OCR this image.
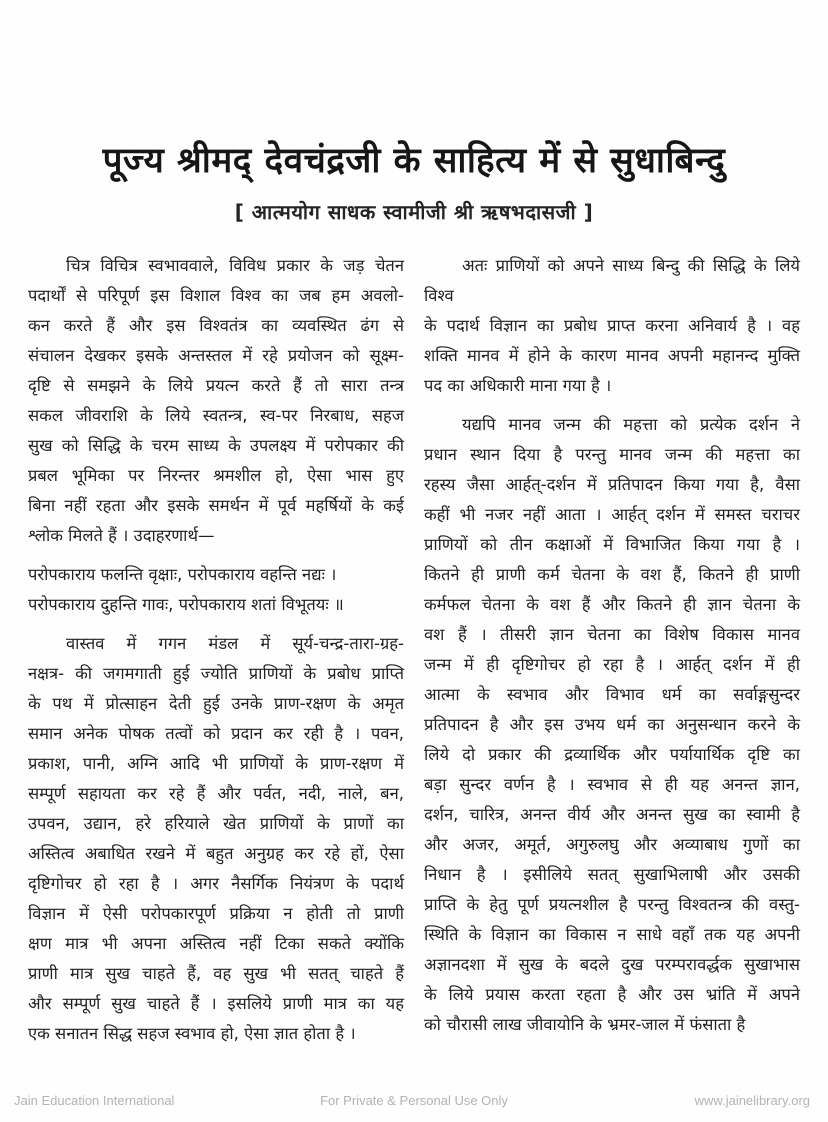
पूज्य श्रीमद् देवचंद्रजी के साहित्य में से सुधाबिन्दु
[ आत्मयोग साधक स्वामीजी श्री ऋषभदासजी ]
चित्र विचित्र स्वभाववाले, विविध प्रकार के जड़ चेतन
पदार्थों से परिपूर्ण इस विशाल विश्व का जब हम अवलो-
कन करते हैं और इस विश्वतंत्र का व्यवस्थित ढंग से
संचालन देखकर इसके अन्तस्तल में रहे प्रयोजन को सूक्ष्म-
दृष्टि से समझने के लिये प्रयत्न करते हैं तो सारा तन्त्र
सकल जीवराशि के लिये स्वतन्त्र, स्व-पर निरबाध, सहज
सुख को सिद्धि के चरम साध्य के उपलक्ष्य में परोपकार की
प्रबल भूमिका पर निरन्तर श्रमशील हो, ऐसा भास हुए
बिना नहीं रहता और इसके समर्थन में पूर्व महर्षियों के कई
श्लोक मिलते हैं । उदाहरणार्थ—
परोपकाराय फलन्ति वृक्षाः, परोपकाराय वहन्ति नद्यः ।
परोपकाराय दुहन्ति गावः, परोपकाराय शतां विभूतयः ॥
वास्तव में गगन मंडल में सूर्य-चन्द्र-तारा-ग्रह-
नक्षत्र- की जगमगाती हुई ज्योति प्राणियों के प्रबोध प्राप्ति
के पथ में प्रोत्साहन देती हुई उनके प्राण-रक्षण के अमृत
समान अनेक पोषक तत्वों को प्रदान कर रही है । पवन,
प्रकाश, पानी, अग्नि आदि भी प्राणियों के प्राण-रक्षण में
सम्पूर्ण सहायता कर रहे हैं और पर्वत, नदी, नाले, बन,
उपवन, उद्यान, हरे हरियाले खेत प्राणियों के प्राणों का
अस्तित्व अबाधित रखने में बहुत अनुग्रह कर रहे हों, ऐसा
दृष्टिगोचर हो रहा है । अगर नैसर्गिक नियंत्रण के पदार्थ
विज्ञान में ऐसी परोपकारपूर्ण प्रक्रिया न होती तो प्राणी
क्षण मात्र भी अपना अस्तित्व नहीं टिका सकते क्योंकि
प्राणी मात्र सुख चाहते हैं, वह सुख भी सतत् चाहते हैं
और सम्पूर्ण सुख चाहते हैं । इसलिये प्राणी मात्र का यह
एक सनातन सिद्ध सहज स्वभाव हो, ऐसा ज्ञात होता है ।
अतः प्राणियों को अपने साध्य बिन्दु की सिद्धि के लिये विश्व
के पदार्थ विज्ञान का प्रबोध प्राप्त करना अनिवार्य है । वह
शक्ति मानव में होने के कारण मानव अपनी महानन्द मुक्ति
पद का अधिकारी माना गया है ।
यद्यपि मानव जन्म की महत्ता को प्रत्येक दर्शन ने
प्रधान स्थान दिया है परन्तु मानव जन्म की महत्ता का
रहस्य जैसा आर्हत्-दर्शन में प्रतिपादन किया गया है, वैसा
कहीं भी नजर नहीं आता । आर्हत् दर्शन में समस्त चराचर
प्राणियों को तीन कक्षाओं में विभाजित किया गया है ।
कितने ही प्राणी कर्म चेतना के वश हैं, कितने ही प्राणी
कर्मफल चेतना के वश हैं और कितने ही ज्ञान चेतना के
वश हैं । तीसरी ज्ञान चेतना का विशेष विकास मानव
जन्म में ही दृष्टिगोचर हो रहा है । आर्हत् दर्शन में ही
आत्मा के स्वभाव और विभाव धर्म का सर्वाङ्गसुन्दर
प्रतिपादन है और इस उभय धर्म का अनुसन्धान करने के
लिये दो प्रकार की द्रव्यार्थिक और पर्यायार्थिक दृष्टि का
बड़ा सुन्दर वर्णन है । स्वभाव से ही यह अनन्त ज्ञान,
दर्शन, चारित्र, अनन्त वीर्य और अनन्त सुख का स्वामी है
और अजर, अमूर्त, अगुरुलघु और अव्याबाध गुणों का
निधान है । इसीलिये सतत् सुखाभिलाषी और उसकी
प्राप्ति के हेतु पूर्ण प्रयत्नशील है परन्तु विश्वतन्त्र की वस्तु-
स्थिति के विज्ञान का विकास न साधे वहाँ तक यह अपनी
अज्ञानदशा में सुख के बदले दुख परम्परावर्द्धक सुखाभास
के लिये प्रयास करता रहता है और उस भ्रांति में अपने
को चौरासी लाख जीवायोनि के भ्रमर-जाल में फंसाता है
Jain Education International	For Private & Personal Use Only	www.jainelibrary.org
